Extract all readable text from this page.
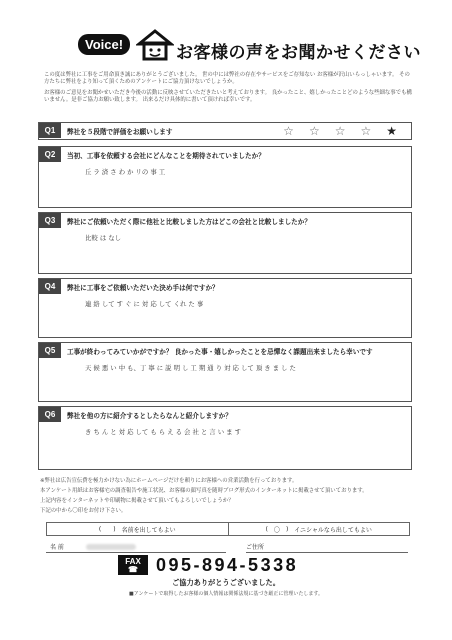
Voice!	お客様の声をお聞かせください

この度は弊社に工事をご用命頂き誠にありがとうございました。 世の中には弊社の存在やサービスをご存知ない お客様が沢山いらっしゃいます。 その方たちに弊社をより知って頂くためのアンケートにご協力頂けないでしょうか。

お客様のご意見をお聞かせいただき今後の活動に反映させていただきたいと考えております。 良かったこと、嬉しかったことどのような些細な事でも構いません。是非ご協力お願い致します。 出来るだけ具体的に書いて頂ければ幸いです。

Q1	弊社を５段階で評価をお願いします	☆ ☆ ☆ ☆ ★
Q2	当初、工事を依頼する会社にどんなことを期待されていましたか？
丘 ラ 済 さ わ か リの 事 工
Q3	弊社にご依頼いただく際に他社と比較しました方はどこの会社と比較しましたか？
比較 は なし
Q4	弊社に工事をご依頼いただいた決め手は何ですか？
連 絡 して す ぐ に 対 応 して くれ た 事
Q5	工事が終わってみていかがですか？ 良かった事・嬉しかったことを忌憚なく課題出来ましたら幸いです
天 候 悪 い 中 も、丁 寧 に 説 明 し 工 期 通 り 対 応 して 頂 き ま し た
Q6	弊社を他の方に紹介するとしたらなんと紹介しますか？
き ち ん と 対 応 して も ら え る 会 社 と 言 い ま す
※弊社は広告宣伝費を極力かけない為にホームページだけを頼りにお客様への営業活動を行っております。
本アンケート用紙はお客様宅の調査報告や施工状況、お客様の顔写真を随時ブログ形式のインターネットに掲載させて頂いております。
上記内容をインターネットや印刷物に掲載させて頂いてもよろしいでしょうか？
下記の中から〇印をお付け下さい。
( ) 名前を出してもよい	( 〇 ) イニシャルなら出してもよい
名 前	ご住所
FAX
☎ 095-894-5338
ご協力ありがとうございました。
■アンケートで取得したお客様の個人情報は関係法規に基づき厳正に管理いたします。
